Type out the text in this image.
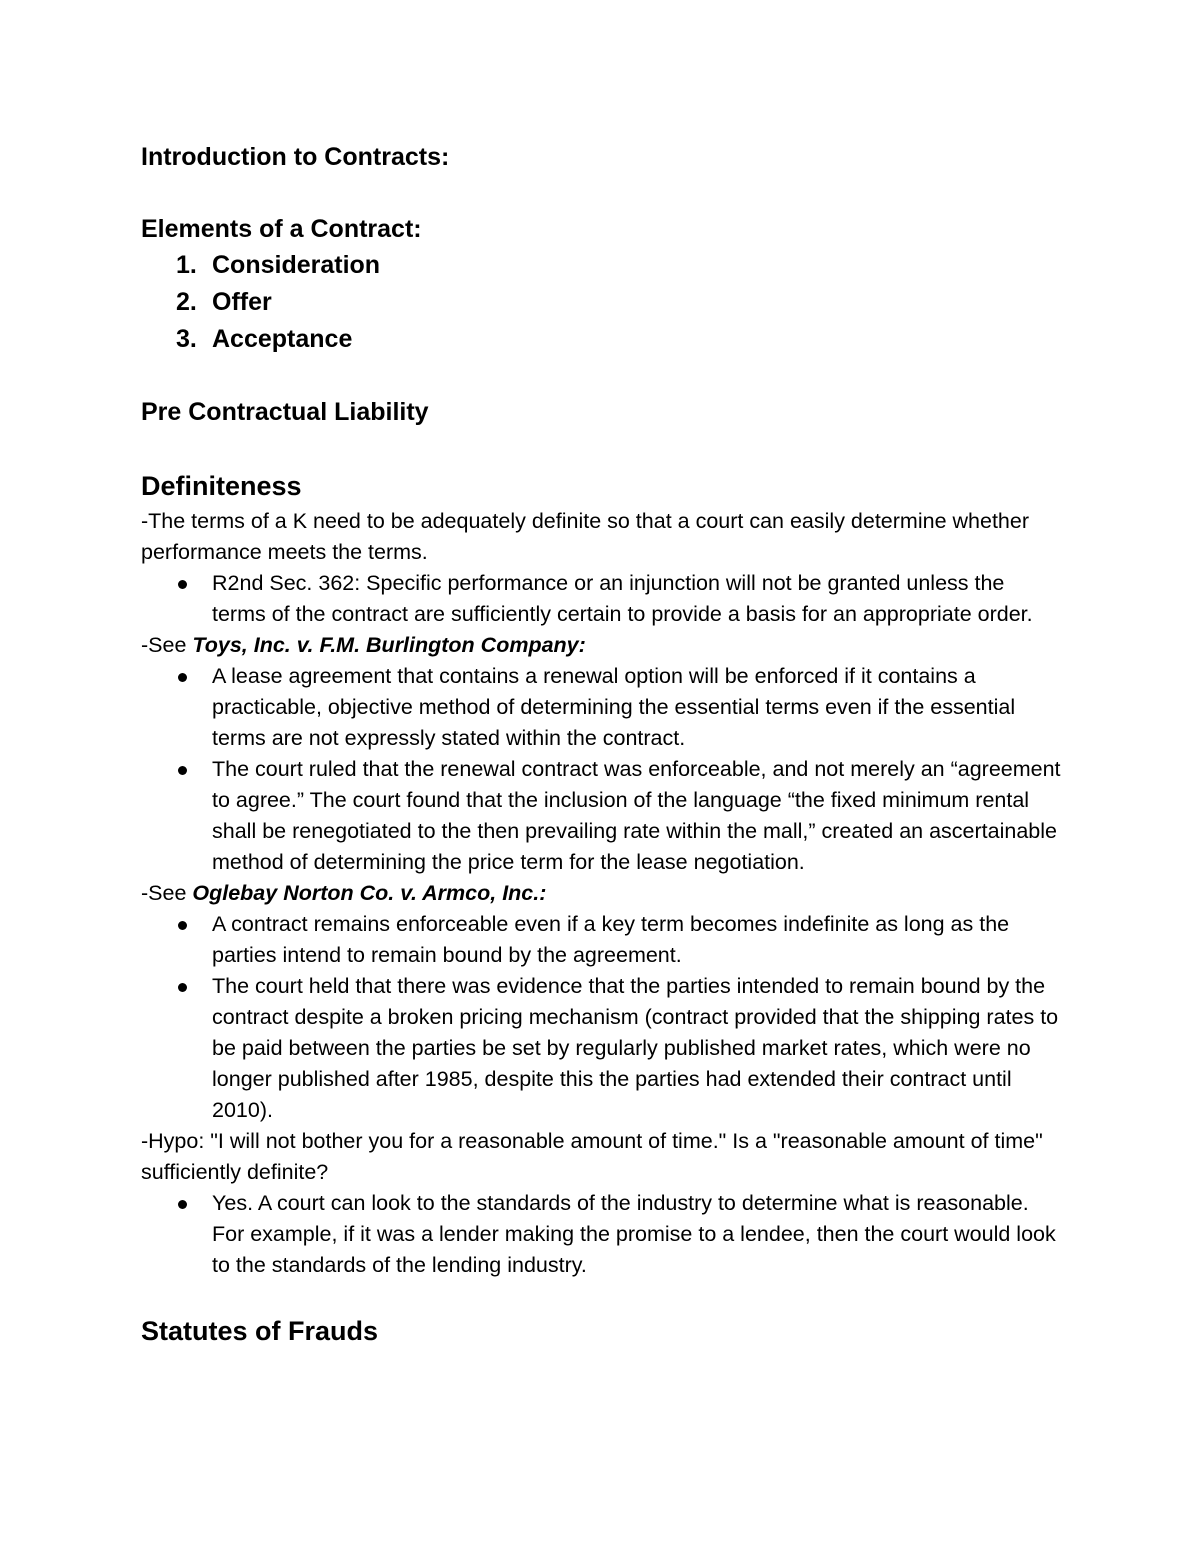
Introduction to Contracts:
Elements of a Contract:
1. Consideration
2. Offer
3. Acceptance
Pre Contractual Liability
Definiteness

-The terms of a K need to be adequately definite so that a court can easily determine whether performance meets the terms.

R2nd Sec. 362: Specific performance or an injunction will not be granted unless the terms of the contract are sufficiently certain to provide a basis for an appropriate order.

-See Toys, Inc. v. F.M. Burlington Company:

A lease agreement that contains a renewal option will be enforced if it contains a practicable, objective method of determining the essential terms even if the essential terms are not expressly stated within the contract.
The court ruled that the renewal contract was enforceable, and not merely an “agreement to agree.” The court found that the inclusion of the language “the fixed minimum rental shall be renegotiated to the then prevailing rate within the mall,” created an ascertainable method of determining the price term for the lease negotiation.

-See Oglebay Norton Co. v. Armco, Inc.:

A contract remains enforceable even if a key term becomes indefinite as long as the parties intend to remain bound by the agreement.
The court held that there was evidence that the parties intended to remain bound by the contract despite a broken pricing mechanism (contract provided that the shipping rates to be paid between the parties be set by regularly published market rates, which were no longer published after 1985, despite this the parties had extended their contract until 2010).

-Hypo: "I will not bother you for a reasonable amount of time." Is a "reasonable amount of time" sufficiently definite?

Yes. A court can look to the standards of the industry to determine what is reasonable. For example, if it was a lender making the promise to a lendee, then the court would look to the standards of the lending industry.
Statutes of Frauds
